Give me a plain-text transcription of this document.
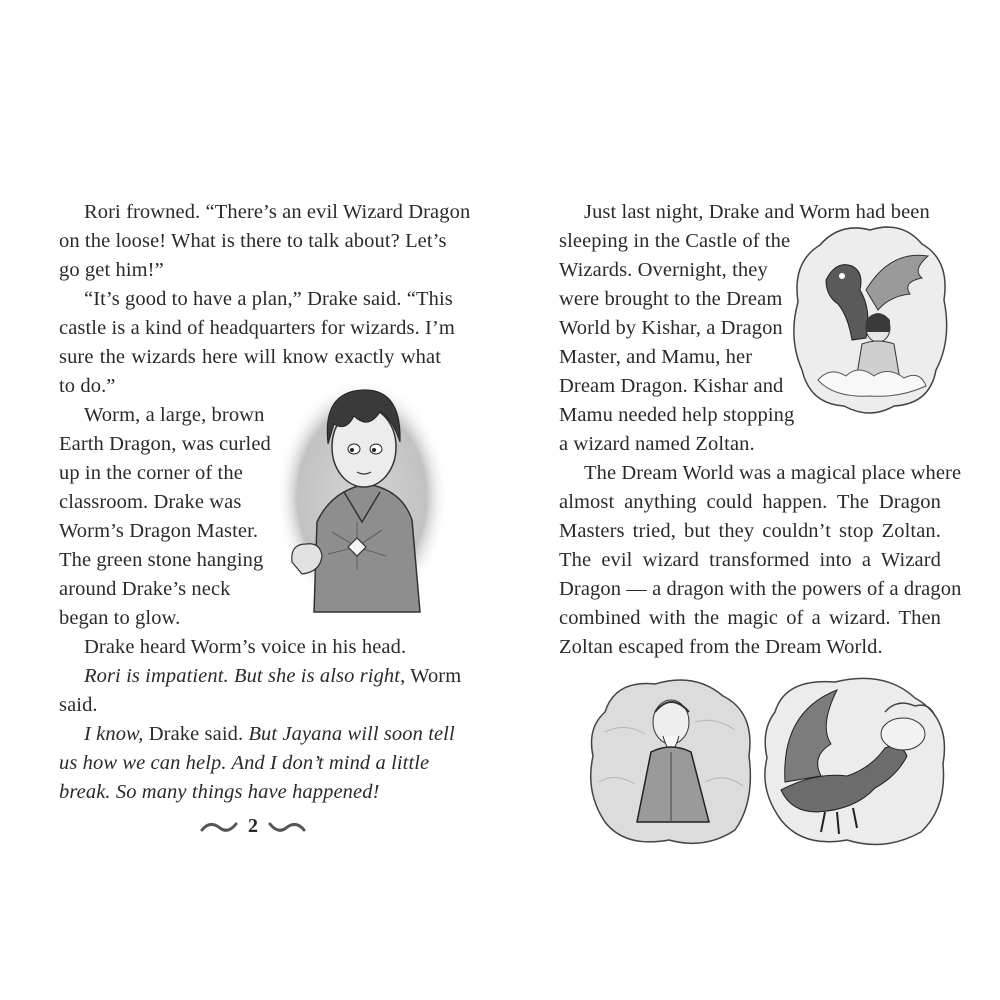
Rori frowned. “There’s an evil Wizard Dragon
on the loose! What is there to talk about? Let’s
go get him!”
“It’s good to have a plan,” Drake said. “This
castle is a kind of headquarters for wizards. I’m
sure the wizards here will know exactly what
to do.”
Worm, a large, brown
Earth Dragon, was curled
up in the corner of the
classroom. Drake was
Worm’s Dragon Master.
The green stone hanging
around Drake’s neck
began to glow.
Drake heard Worm’s voice in his head.
Rori is impatient. But she is also right, Worm
said.
I know, Drake said. But Jayana will soon tell
us how we can help. And I don’t mind a little
break. So many things have happened!
2
Just last night, Drake and Worm had been
sleeping in the Castle of the
Wizards. Overnight, they
were brought to the Dream
World by Kishar, a Dragon
Master, and Mamu, her
Dream Dragon. Kishar and
Mamu needed help stopping
a wizard named Zoltan.
The Dream World was a magical place where
almost anything could happen. The Dragon
Masters tried, but they couldn’t stop Zoltan.
The evil wizard transformed into a Wizard
Dragon — a dragon with the powers of a dragon
combined with the magic of a wizard. Then
Zoltan escaped from the Dream World.
